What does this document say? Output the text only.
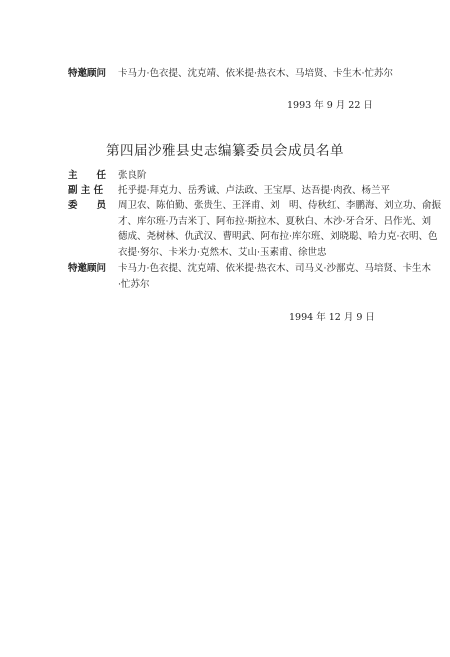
特邀顾问 卡马力·色衣提、沈克靖、依米提·热衣木、马培贤、卡生木·忙苏尔
1993 年 9 月 22 日
第四届沙雅县史志编纂委员会成员名单
主　　任 张良阶
副 主 任 托乎提·拜克力、岳秀诚、卢法政、王宝厚、达吾提·肉孜、杨兰平
委　　员 周卫农、陈伯勤、张贵生、王泽甫、刘　明、侍秋红、李鹏海、刘立功、俞振
才、库尔班·乃吉米丁、阿布拉·斯拉木、夏秋白、木沙·牙合牙、吕作光、刘
德成、尧树林、仇武汉、曹明武、阿布拉·库尔班、刘晓聪、哈力克·衣明、色
衣提·努尔、卡米力·克然木、艾山·玉素甫、徐世忠
特邀顾问 卡马力·色衣提、沈克靖、依米提·热衣木、司马义·沙鄯克、马培贤、卡生木
·忙苏尔
1994 年 12 月 9 日
